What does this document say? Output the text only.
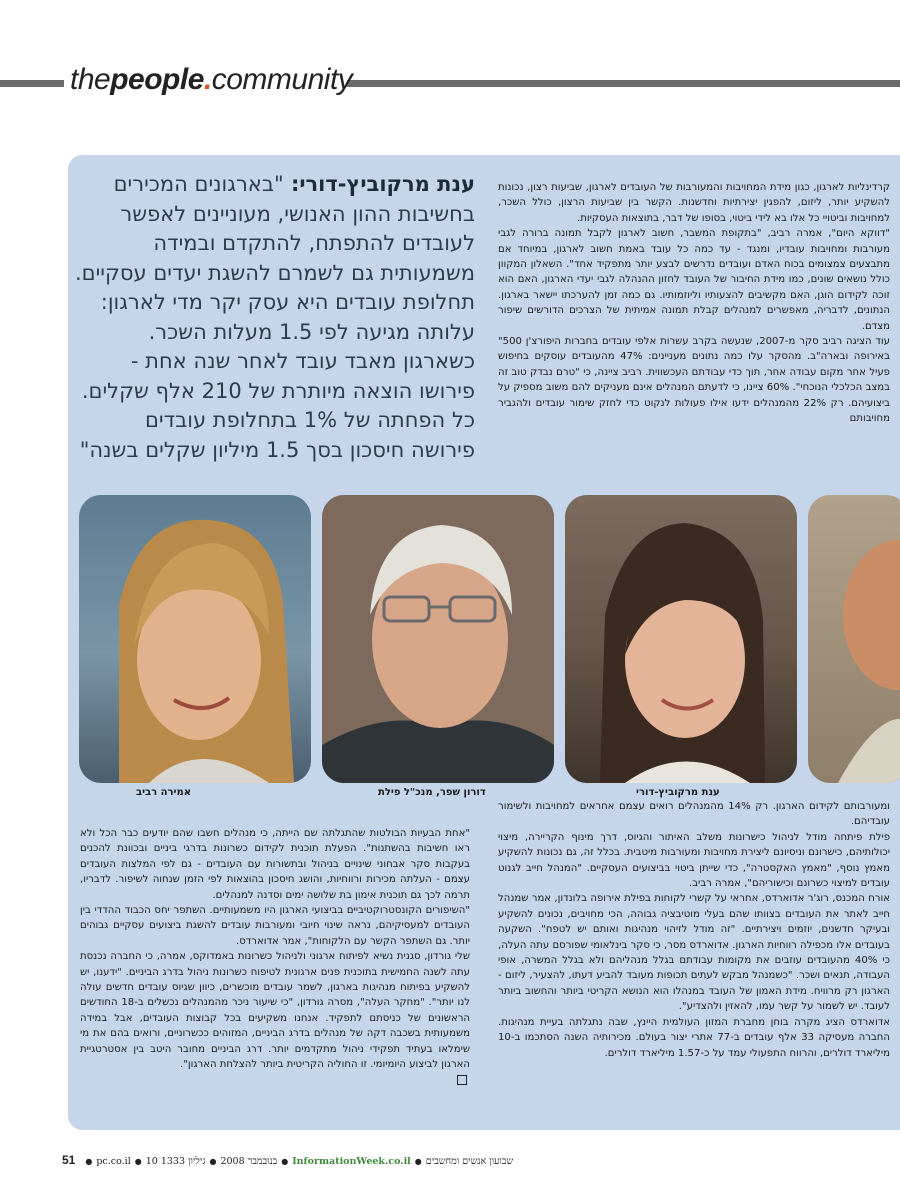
thepeople.community
ענת מרקוביץ-דורי: "בארגונים המכירים בחשיבות ההון האנושי, מעוניינים לאפשר לעובדים להתפתח, להתקדם ובמידה משמעותית גם לשמרם להשגת יעדים עסקיים. תחלופת עובדים היא עסק יקר מדי לארגון: עלותה מגיעה לפי 1.5 מעלות השכר. כשארגון מאבד עובד לאחר שנה אחת - פירושו הוצאה מיותרת של 210 אלף שקלים. כל הפחתה של 1% בתחלופת עובדים פירושה חיסכון בסך 1.5 מיליון שקלים בשנה"

קרדינליות לארגון, כגון מידת המחויבות והמעורבות של העובדים לארגון, שביעות רצון, נכונות להשקיע יותר, ליזום, להפגין יצירתיות וחדשנות. הקשר בין שביעות הרצון, כולל השכר, למחויבות וביטויי כל אלו בא לידי ביטוי, בסופו של דבר, בתוצאות העסקיות.

"דווקא היום", אמרה רביב, "בתקופת המשבר, חשוב לארגון לקבל תמונה ברורה לגבי מעורבות ומחויבות עובדיו, ומנגד - עד כמה כל עובד באמת חשוב לארגון, במיוחד אם מתבצעים צמצומים בכוח האדם ועובדים נדרשים לבצע יותר מתפקיד אחד". השאלון המקוון כולל נושאים שונים, כמו מידת החיבור של העובד לחזון ההנהלה לגבי יעדי הארגון, האם הוא זוכה לקידום הוגן, האם מקשיבים להצעותיו וליוזמותיו. גם כמה זמן להערכתו יישאר בארגון. הנתונים, לדבריה, מאפשרים למנהלים קבלת תמונה אמיתית של הצרכים הדורשים שיפור מצדם.

עוד הציגה רביב סקר מ-2007, שנעשה בקרב עשרות אלפי עובדים בחברות היפורצ'ן 500" באירופה ובארה"ב. מהסקר עלו כמה נתונים מעניינים: 47% מהעובדים עוסקים בחיפוש פעיל אחר מקום עבודה אחר, תוך כדי עבודתם העכשווית. רביב ציינה, כי "טרם נבדק טוב זה במצב הכלכלי הנוכחי". 60% ציינו, כי לדעתם המנהלים אינם מעניקים להם משוב מספיק על ביצועיהם. רק 22% מהמנהלים ידעו אילו פעולות לנקוט כדי לחזק שימור עובדים ולהגביר מחויבותם

אמירה רביב	דורון שפר, מנכ"ל פילת	ענת מרקוביץ-דורי

ומעורבותם לקידום הארגון. רק 14% מהמנהלים רואים עצמם אחראים למחויבות ולשימור עובדיהם.

פילת פיתחה מודל לניהול כישרונות משלב האיתור והגיוס, דרך מינוף הקריירה, מיצוי יכולותיהם, כישרונם וניסיונם ליצירת מחויבות ומעורבות מיטבית. בכלל זה, גם נכונות להשקיע מאמץ נוסף, "מאמץ האקסטרה", כדי שייתן ביטוי בביצועים העסקיים. "המנהל חייב לגנוט עובדים למיצוי כשרונם וכישוריהם", אמרה רביב.

אורח המכנס, רוג'ר אדוארדס, אחראי על קשרי לקוחות בפילת אירופה בלונדון, אמר שמנהל חייב לאתר את העובדים בצוותו שהם בעלי מוטיבציה גבוהה, הכי מחויבים, נכונים להשקיע ובעיקר חדשנים, יוזמים ויצירתיים. "זה מודל לזיהוי מנהיגות ואותם יש לטפח". השקעה בעובדים אלו מכפילה רווחיות הארגון. אדוארדס מסר, כי סקר בינלאומי שפורסם עתה העלה, כי 40% מהעובדים עוזבים את מקומות עבודתם בגלל מנהליהם ולא בגלל המשרה, אופי העבודה, תנאים ושכר. "כשמנהל מבקש לעתים תכופות מעובד להביע דעתו, להצעיר, ליזום - הארגון רק מרוויח. מידת האמון של העובד במנהלו הוא הנושא הקריטי ביותר והחשוב ביותר לעובד. יש לשמור על קשר עמו, להאזין ולהצדיע".

אדוארדס הציג מקרה בוחן מחברת המזון העולמית היינץ, שבה נתגלתה בעיית מנהיגות. החברה מעסיקה 33 אלף עובדים ב-77 אתרי יצור בעולם. מכירותיה השנה הסתכמו ב-10 מיליארד דולרים, והרווח התפעולי עמד על כ-1.57 מיליארד דולרים.

"אחת הבעיות הבולטות שהתגלתה שם הייתה, כי מנהלים חשבו שהם יודעים כבר הכל ולא ראו חשיבות בהשתנות". הפעלת תוכנית לקידום כשרונות בדרגי ביניים ובכוונת להכנים בעקבות סקר אבחוני שינויים בניהול ובתשורות עם העובדים - גם לפי המלצות העובדים עצמם - העלתה מכירות ורווחיות, והושג חיסכון בהוצאות לפי הזמן שנחוה לשיפור. לדבריו, תרמה לכך גם תוכנית אימון בת שלושה ימים וסדנה למנהלים.

"השיפורים הקונסטרוקטיביים בביצועי הארגון היו משמעותיים. השתפר יחס הכבוד ההדדי בין העובדים למעסיקיהם, נראה שינוי חיובי ומעורבות עובדים להשגת ביצועים עסקיים גבוהים יותר. גם השתפר הקשר עם הלקוחות", אמר אדוארדס.

שלי גורדון, סגנית נשיא לפיתוח ארגוני ולניהול כשרונות באמדוקס, אמרה, כי החברה נכנסת עתה לשנה החמישית בתוכנית פנים ארגונית לטיפוח כשרונות ניהול בדרג הביניים. "ידענו, יש להשקיע בפיתוח מנהיגות בארגון, לשמר עובדים מוכשרים, כיוון שגיוס עובדים חדשים עולה לנו יותר". "מחקר העלה", מסרה גורדון, "כי שיעור ניכר מהמנהלים נכשלים ב-18 החודשים הראשונים של כניסתם לתפקיד. אנחנו משקיעים בכל קבוצות העובדים, אבל במידה משמעותית בשכבה דקה של מנהלים בדרג הביניים, המזוהים ככשרוניים, ורואים בהם את מי שימלאו בעתיד תפקידי ניהול מתקדמים יותר. דרג הביניים מחובר היטב בין אסטרטגיית הארגון לביצוע היומיומי. זו החוליה הקריטית ביותר להצלחת הארגון".

51 ● pc.co.il ● 10 בנובמבר 2008●גיליון 1333	● InformationWeek.co.il ● שבועון אנשים ומחשבים
